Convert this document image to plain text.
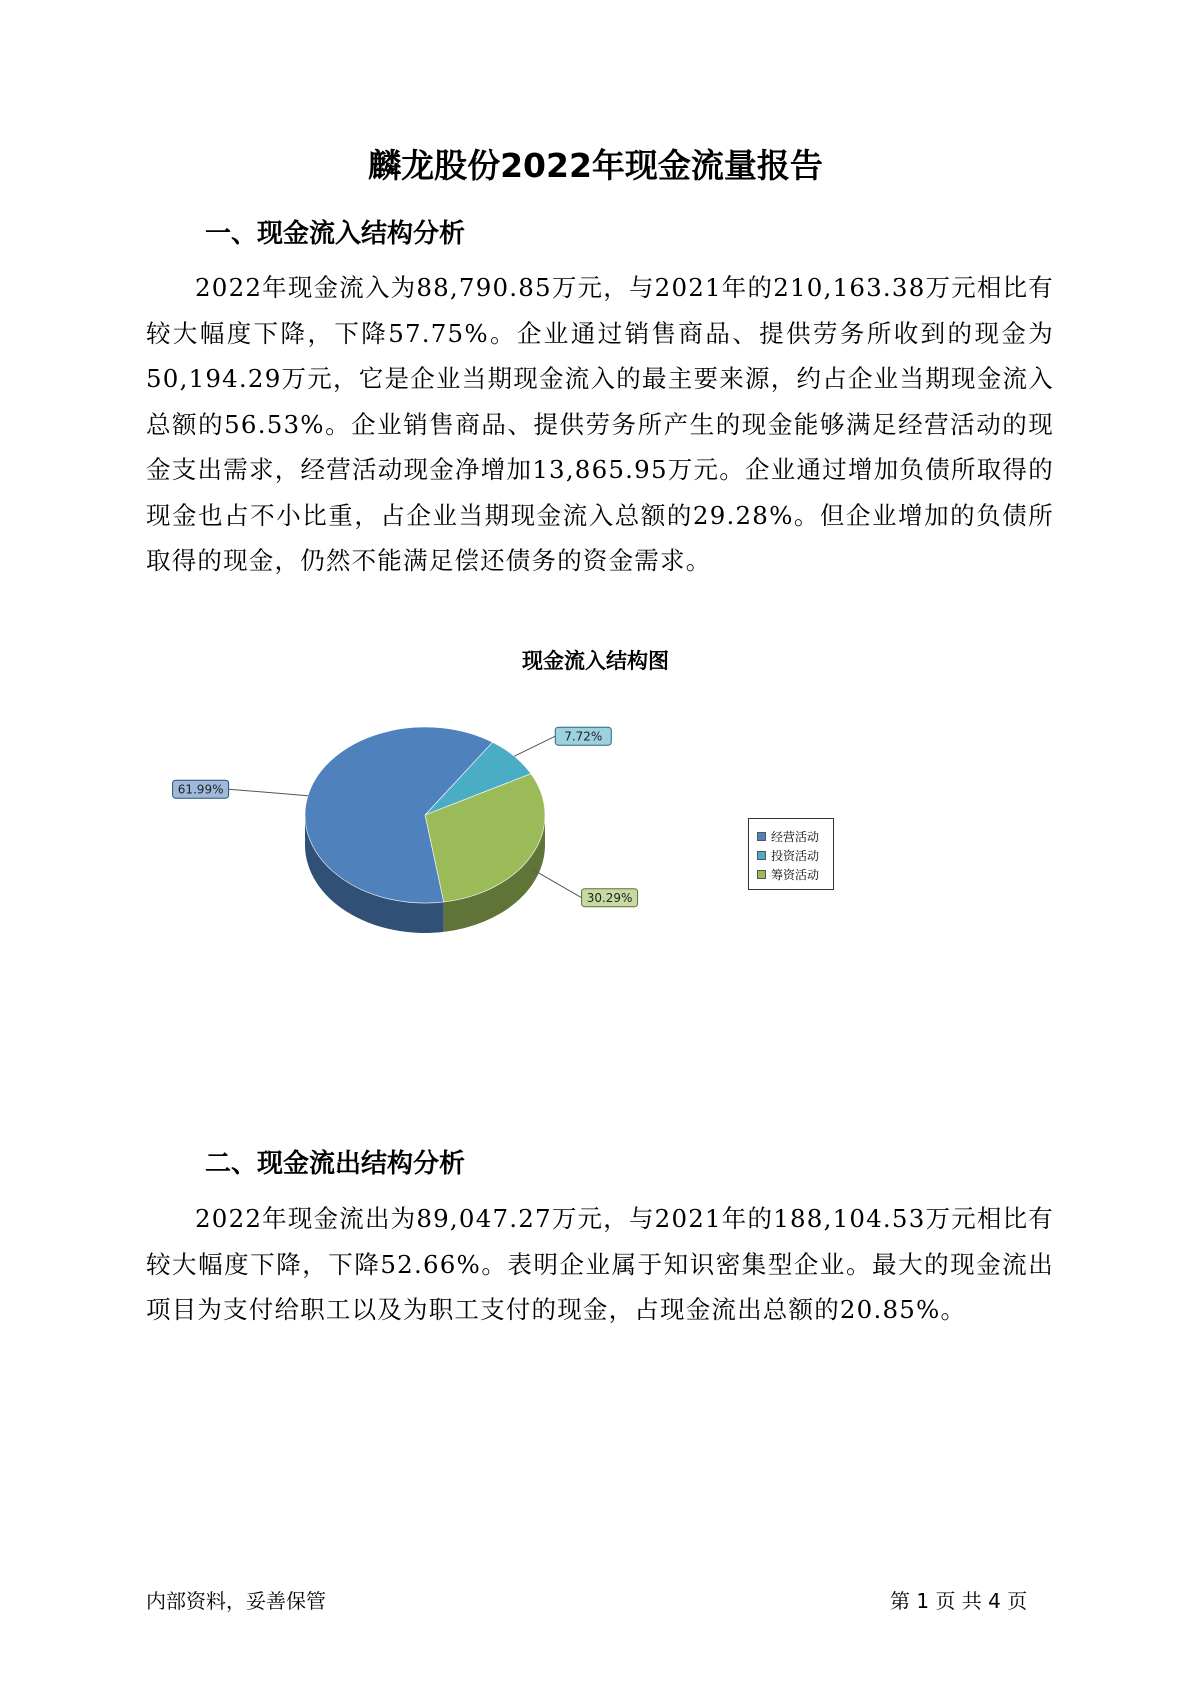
麟龙股份2022年现金流量报告
一、现金流入结构分析

2022年现金流入为88,790.85万元，与2021年的210,163.38万元相比有较大幅度下降，下降57.75%。企业通过销售商品、提供劳务所收到的现金为50,194.29万元，它是企业当期现金流入的最主要来源，约占企业当期现金流入总额的56.53%。企业销售商品、提供劳务所产生的现金能够满足经营活动的现金支出需求，经营活动现金净增加13,865.95万元。企业通过增加负债所取得的现金也占不小比重，占企业当期现金流入总额的29.28%。但企业增加的负债所取得的现金，仍然不能满足偿还债务的资金需求。

现金流入结构图
7.72%
30.29%
61.99%
经营活动
投资活动
筹资活动
二、现金流出结构分析

2022年现金流出为89,047.27万元，与2021年的188,104.53万元相比有较大幅度下降，下降52.66%。表明企业属于知识密集型企业。最大的现金流出项目为支付给职工以及为职工支付的现金，占现金流出总额的20.85%。

内部资料，妥善保管	第 1 页 共 4 页
